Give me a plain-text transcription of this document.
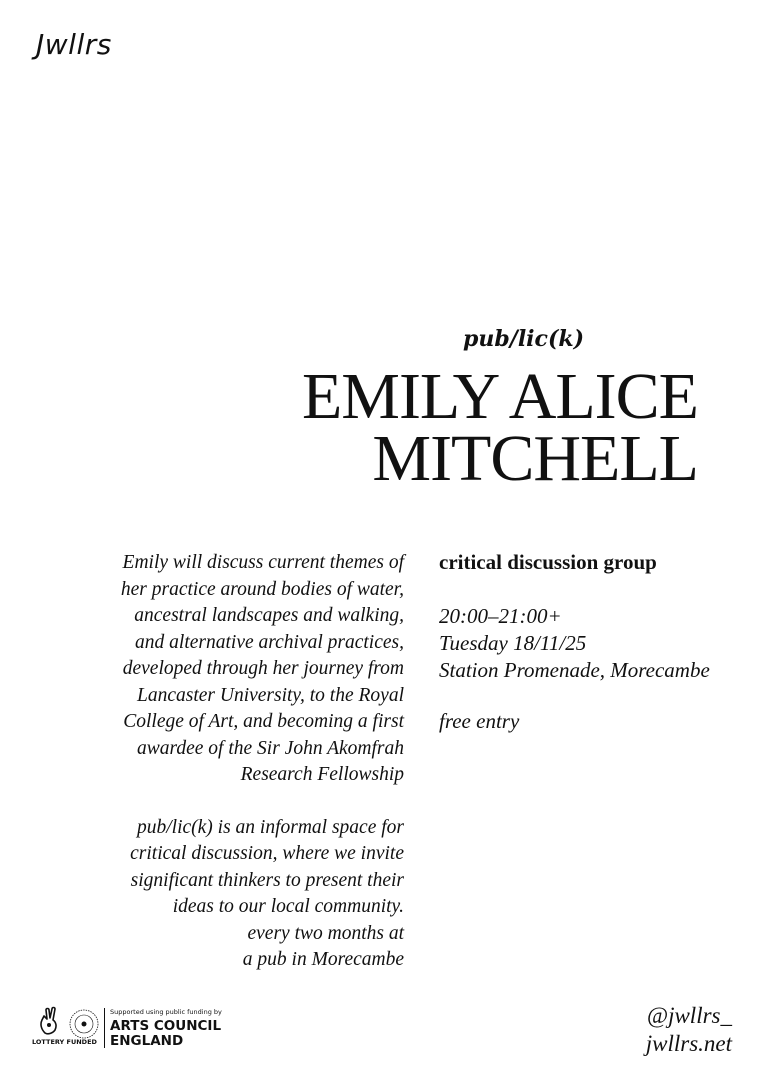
Jwllrs
pub/lic(k)
EMILY ALICE
MITCHELL

Emily will discuss current themes of

her practice around bodies of water,

ancestral landscapes and walking,

and alternative archival practices,

developed through her journey from

Lancaster University, to the Royal

College of Art, and becoming a first

awardee of the Sir John Akomfrah

Research Fellowship

pub/lic(k) is an informal space for

critical discussion, where we invite

significant thinkers to present their

ideas to our local community.

every two months at

a pub in Morecambe

critical discussion group
20:00–21:00+
Tuesday 18/11/25
Station Promenade, Morecambe
free entry
LOTTERY FUNDED
Supported using public funding by
ARTS COUNCIL
ENGLAND
@jwllrs_
jwllrs.net
